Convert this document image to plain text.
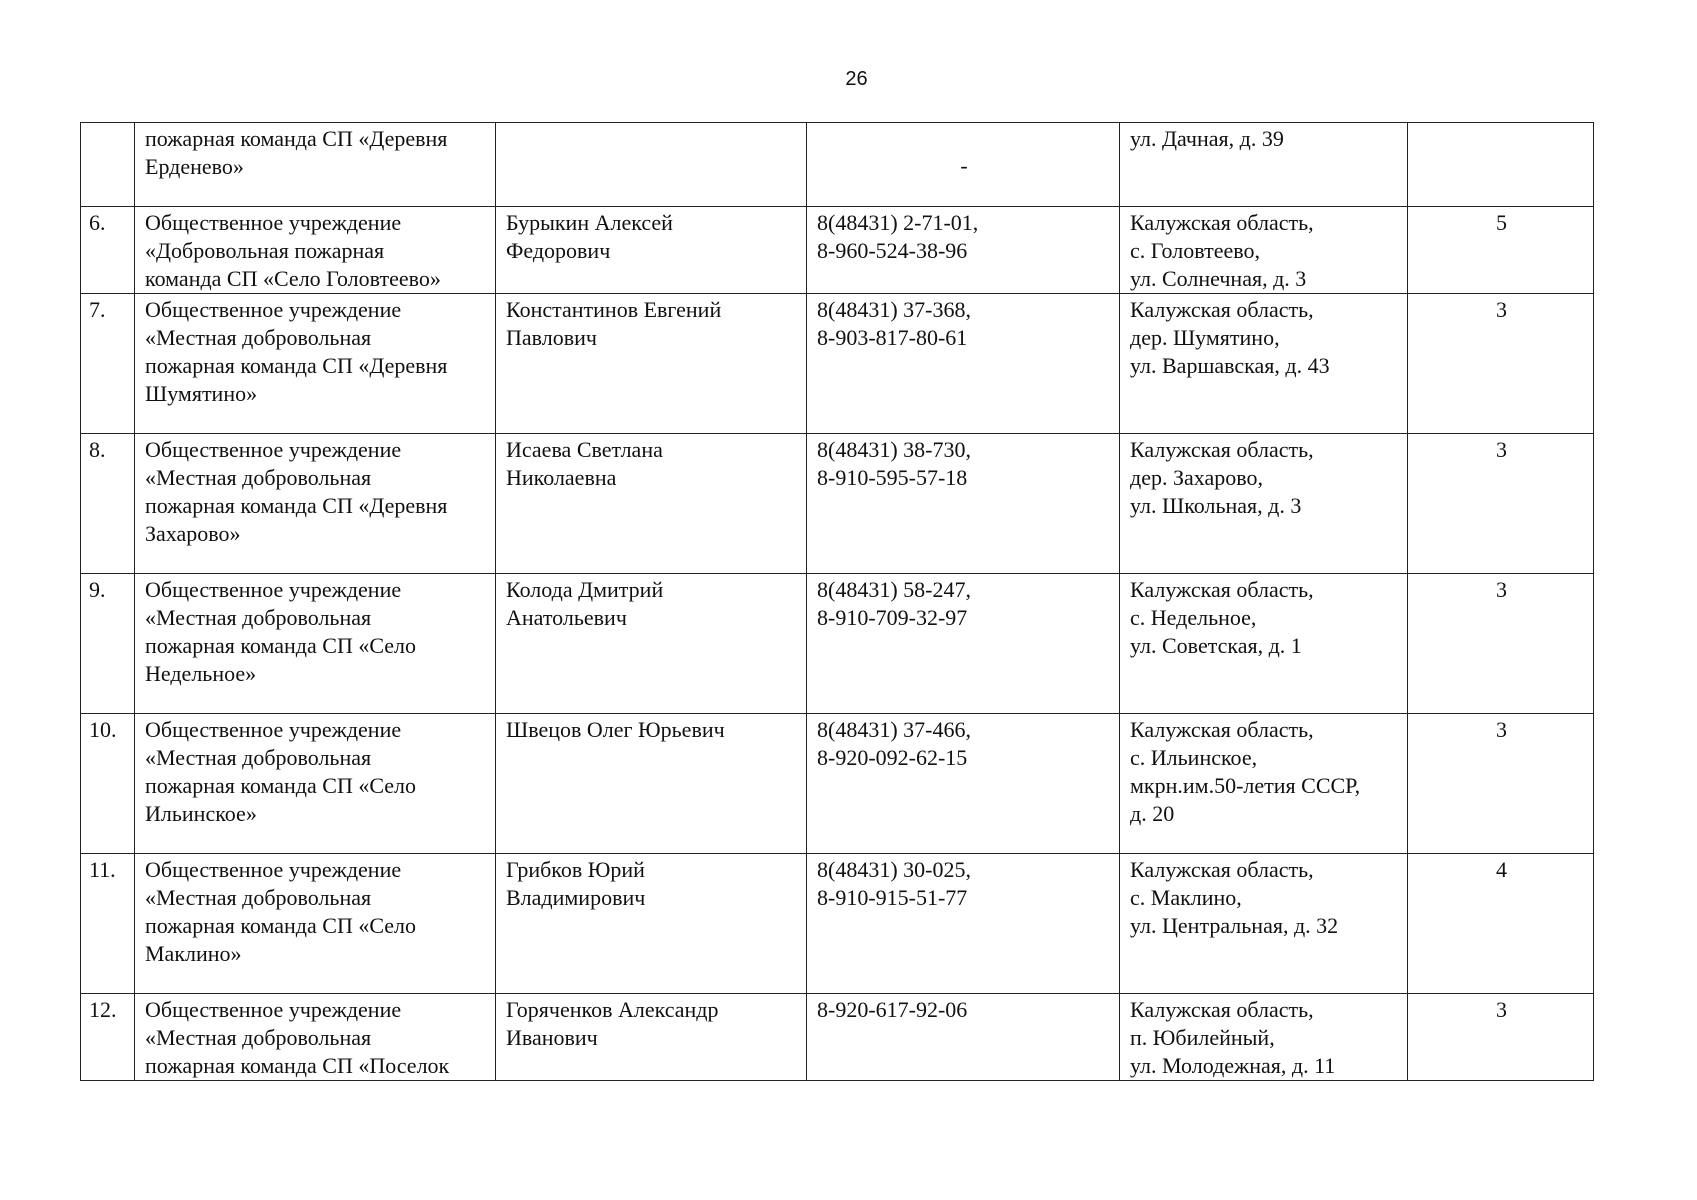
26
	пожарная команда СП «Деревня
Ерденево»		-	ул. Дачная, д. 39	
6.	Общественное учреждение
«Добровольная пожарная
команда СП «Село Головтеево»	Бурыкин Алексей
Федорович	8(48431) 2-71-01,
8-960-524-38-96	Калужская область,
с. Головтеево,
ул. Солнечная, д. 3	5
7.	Общественное учреждение
«Местная добровольная
пожарная команда СП «Деревня
Шумятино»	Константинов Евгений
Павлович	8(48431) 37-368,
8-903-817-80-61	Калужская область,
дер. Шумятино,
ул. Варшавская, д. 43	3
8.	Общественное учреждение
«Местная добровольная
пожарная команда СП «Деревня
Захарово»	Исаева Светлана
Николаевна	8(48431) 38-730,
8-910-595-57-18	Калужская область,
дер. Захарово,
ул. Школьная, д. 3	3
9.	Общественное учреждение
«Местная добровольная
пожарная команда СП «Село
Недельное»	Колода Дмитрий
Анатольевич	8(48431) 58-247,
8-910-709-32-97	Калужская область,
с. Недельное,
ул. Советская, д. 1	3
10.	Общественное учреждение
«Местная добровольная
пожарная команда СП «Село
Ильинское»	Швецов Олег Юрьевич	8(48431) 37-466,
8-920-092-62-15	Калужская область,
с. Ильинское,
мкрн.им.50-летия СССР,
д. 20	3
11.	Общественное учреждение
«Местная добровольная
пожарная команда СП «Село
Маклино»	Грибков Юрий
Владимирович	8(48431) 30-025,
8-910-915-51-77	Калужская область,
с. Маклино,
ул. Центральная, д. 32	4
12.	Общественное учреждение
«Местная добровольная
пожарная команда СП «Поселок	Горяченков Александр
Иванович	8-920-617-92-06	Калужская область,
п. Юбилейный,
ул. Молодежная, д. 11	3
